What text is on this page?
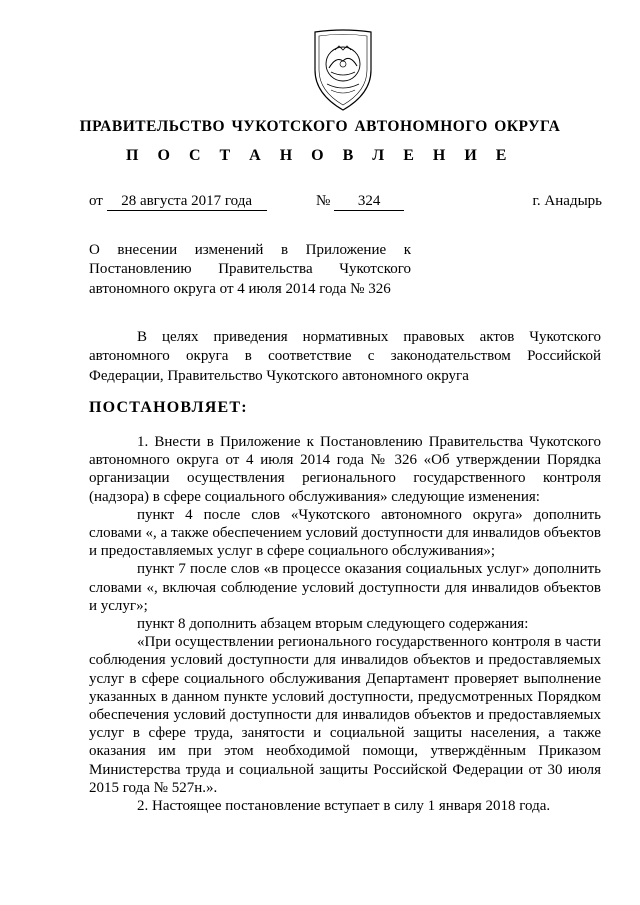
ПРАВИТЕЛЬСТВО ЧУКОТСКОГО АВТОНОМНОГО ОКРУГА
П О С Т А Н О В Л Е Н И Е
от 28 августа 2017 года	№ 324	г. Анадырь
О внесении изменений в Приложение к
Постановлению Правительства Чукотского
автономного округа от 4 июля 2014 года № 326

В целях приведения нормативных правовых актов Чукотского автономного округа в соответствие с законодательством Российской Федерации, Правительство Чукотского автономного округа

ПОСТАНОВЛЯЕТ:

1. Внести в Приложение к Постановлению Правительства Чукотского автономного округа от 4 июля 2014 года № 326 «Об утверждении Порядка организации осуществления регионального государственного контроля (надзора) в сфере социального обслуживания» следующие изменения:

пункт 4 после слов «Чукотского автономного округа» дополнить словами «, а также обеспечением условий доступности для инвалидов объектов и предоставляемых услуг в сфере социального обслуживания»;

пункт 7 после слов «в процессе оказания социальных услуг» дополнить словами «, включая соблюдение условий доступности для инвалидов объектов и услуг»;

пункт 8 дополнить абзацем вторым следующего содержания:

«При осуществлении регионального государственного контроля в части соблюдения условий доступности для инвалидов объектов и предоставляемых услуг в сфере социального обслуживания Департамент проверяет выполнение указанных в данном пункте условий доступности, предусмотренных Порядком обеспечения условий доступности для инвалидов объектов и предоставляемых услуг в сфере труда, занятости и социальной защиты населения, а также оказания им при этом необходимой помощи, утверждённым Приказом Министерства труда и социальной защиты Российской Федерации от 30 июля 2015 года № 527н.».

2. Настоящее постановление вступает в силу 1 января 2018 года.
